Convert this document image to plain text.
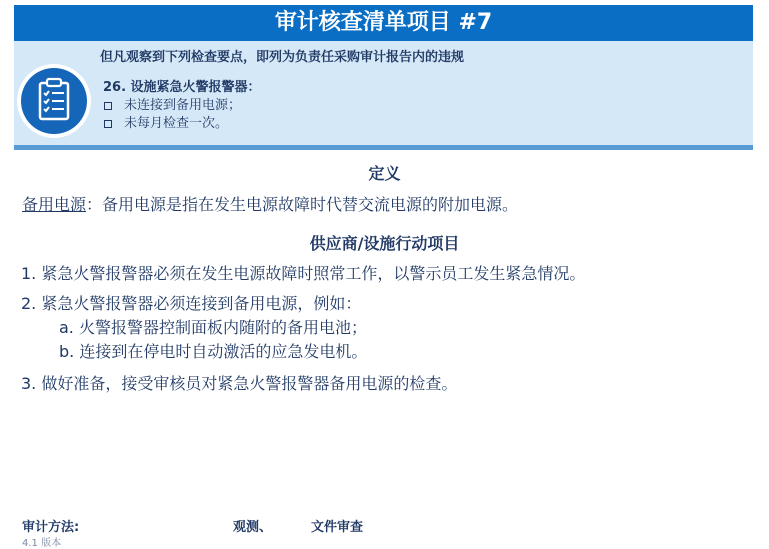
审计核查清单项目 #7
但凡观察到下列检查要点，即列为负责任采购审计报告内的违规
26. 设施紧急火警报警器：
未连接到备用电源；
未每月检查一次。
定义
备用电源：备用电源是指在发生电源故障时代替交流电源的附加电源。
供应商/设施行动项目
1. 紧急火警报警器必须在发生电源故障时照常工作，以警示员工发生紧急情况。
2. 紧急火警报警器必须连接到备用电源，例如：
a. 火警报警器控制面板内随附的备用电池；
b. 连接到在停电时自动激活的应急发电机。
3. 做好准备，接受审核员对紧急火警报警器备用电源的检查。
审计方法:	观测、	文件审查
4.1 版本
